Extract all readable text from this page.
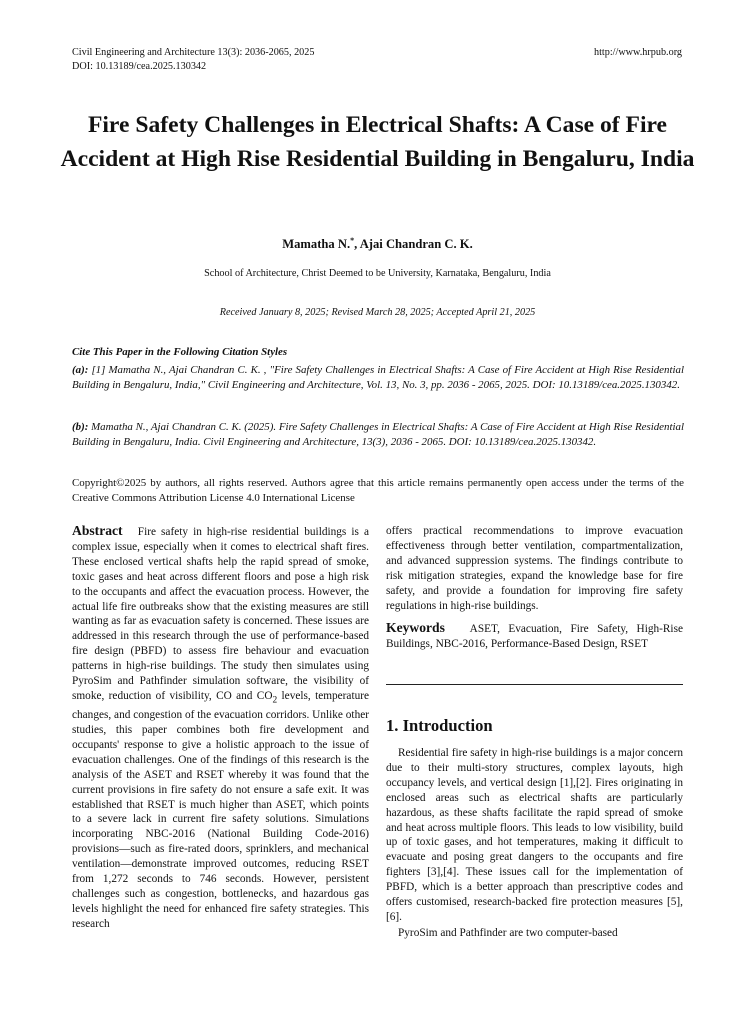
Civil Engineering and Architecture 13(3): 2036-2065, 2025
DOI: 10.13189/cea.2025.130342
http://www.hrpub.org
Fire Safety Challenges in Electrical Shafts: A Case of Fire Accident at High Rise Residential Building in Bengaluru, India
Mamatha N.*, Ajai Chandran C. K.
School of Architecture, Christ Deemed to be University, Karnataka, Bengaluru, India
Received January 8, 2025; Revised March 28, 2025; Accepted April 21, 2025
Cite This Paper in the Following Citation Styles
(a): [1] Mamatha N., Ajai Chandran C. K. , "Fire Safety Challenges in Electrical Shafts: A Case of Fire Accident at High Rise Residential Building in Bengaluru, India," Civil Engineering and Architecture, Vol. 13, No. 3, pp. 2036 - 2065, 2025. DOI: 10.13189/cea.2025.130342.
(b): Mamatha N., Ajai Chandran C. K. (2025). Fire Safety Challenges in Electrical Shafts: A Case of Fire Accident at High Rise Residential Building in Bengaluru, India. Civil Engineering and Architecture, 13(3), 2036 - 2065. DOI: 10.13189/cea.2025.130342.
Copyright©2025 by authors, all rights reserved. Authors agree that this article remains permanently open access under the terms of the Creative Commons Attribution License 4.0 International License
Abstract Fire safety in high-rise residential buildings is a complex issue, especially when it comes to electrical shaft fires. These enclosed vertical shafts help the rapid spread of smoke, toxic gases and heat across different floors and pose a high risk to the occupants and affect the evacuation process. However, the actual life fire outbreaks show that the existing measures are still wanting as far as evacuation safety is concerned. These issues are addressed in this research through the use of performance-based fire design (PBFD) to assess fire behaviour and evacuation patterns in high-rise buildings. The study then simulates using PyroSim and Pathfinder simulation software, the visibility of smoke, reduction of visibility, CO and $CO_2$ levels, temperature changes, and congestion of the evacuation corridors. Unlike other studies, this paper combines both fire development and occupants' response to give a holistic approach to the issue of evacuation challenges. One of the findings of this research is the analysis of the ASET and RSET whereby it was found that the current provisions in fire safety do not ensure a safe exit. It was established that RSET is much higher than ASET, which points to a severe lack in current fire safety solutions. Simulations incorporating NBC-2016 (National Building Code-2016) provisions—such as fire-rated doors, sprinklers, and mechanical ventilation—demonstrate improved outcomes, reducing RSET from 1,272 seconds to 746 seconds. However, persistent challenges such as congestion, bottlenecks, and hazardous gas levels highlight the need for enhanced fire safety strategies. This research
offers practical recommendations to improve evacuation effectiveness through better ventilation, compartmentalization, and advanced suppression systems. The findings contribute to risk mitigation strategies, expand the knowledge base for fire safety, and provide a foundation for improving fire safety regulations in high-rise buildings.
Keywords ASET, Evacuation, Fire Safety, High-Rise Buildings, NBC-2016, Performance-Based Design, RSET
1. Introduction

Residential fire safety in high-rise buildings is a major concern due to their multi-story structures, complex layouts, high occupancy levels, and vertical design [1],[2]. Fires originating in enclosed areas such as electrical shafts are particularly hazardous, as these shafts facilitate the rapid spread of smoke and heat across multiple floors. This leads to low visibility, build up of toxic gases, and hot temperatures, making it difficult to evacuate and posing great dangers to the occupants and fire fighters [3],[4]. These issues call for the implementation of PBFD, which is a better approach than prescriptive codes and offers customised, research-backed fire protection measures [5],[6].

PyroSim and Pathfinder are two computer-based
